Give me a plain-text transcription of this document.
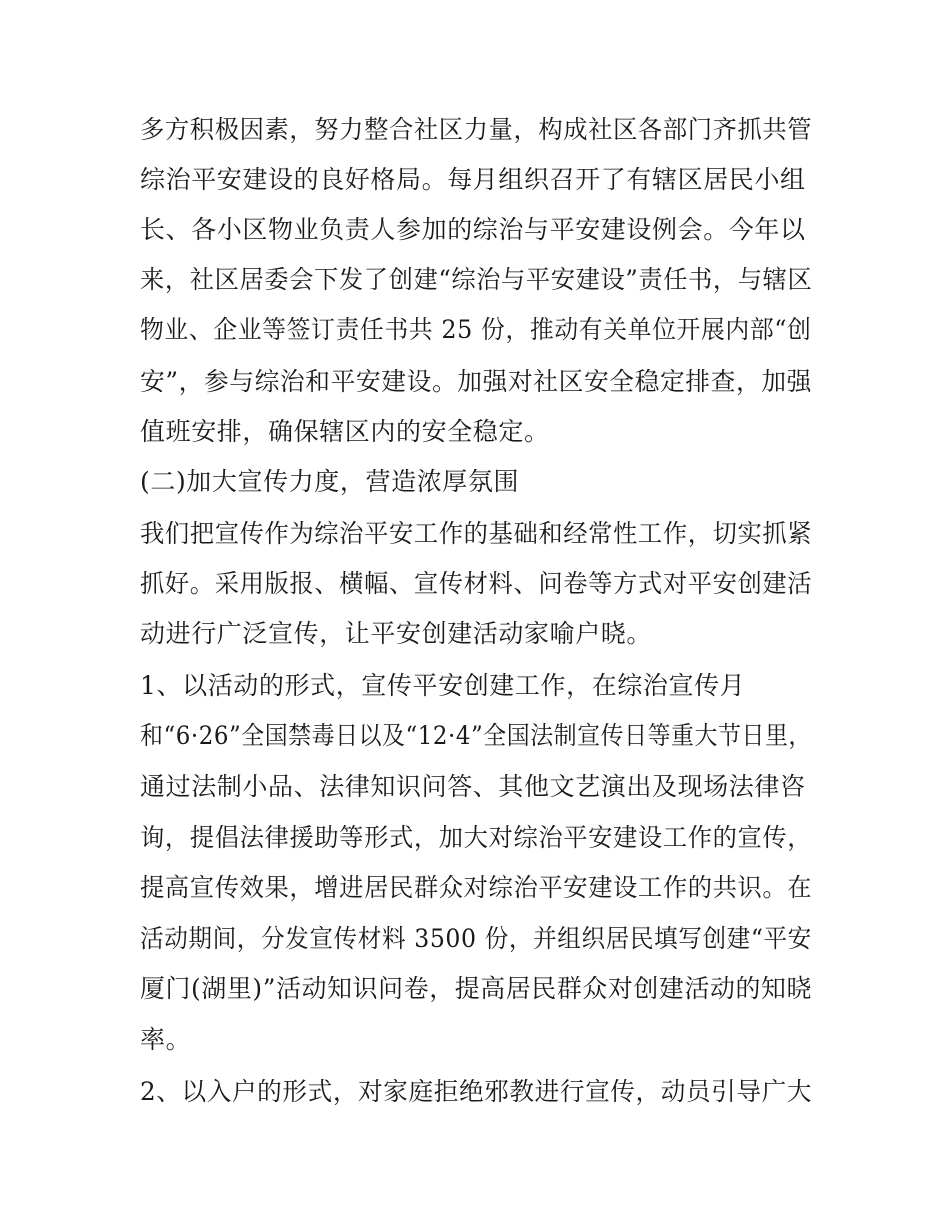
多方积极因素，努力整合社区力量，构成社区各部门齐抓共管
综治平安建设的良好格局。每月组织召开了有辖区居民小组
长、各小区物业负责人参加的综治与平安建设例会。今年以
来，社区居委会下发了创建“综治与平安建设”责任书，与辖区
物业、企业等签订责任书共 25 份，推动有关单位开展内部“创
安”，参与综治和平安建设。加强对社区安全稳定排查，加强
值班安排，确保辖区内的安全稳定。
(二)加大宣传力度，营造浓厚氛围
我们把宣传作为综治平安工作的基础和经常性工作，切实抓紧
抓好。采用版报、横幅、宣传材料、问卷等方式对平安创建活
动进行广泛宣传，让平安创建活动家喻户晓。
1、以活动的形式，宣传平安创建工作，在综治宣传月
和“6·26”全国禁毒日以及“12·4”全国法制宣传日等重大节日里，
通过法制小品、法律知识问答、其他文艺演出及现场法律咨
询，提倡法律援助等形式，加大对综治平安建设工作的宣传，
提高宣传效果，增进居民群众对综治平安建设工作的共识。在
活动期间，分发宣传材料 3500 份，并组织居民填写创建“平安
厦门(湖里)”活动知识问卷，提高居民群众对创建活动的知晓
率。
2、以入户的形式，对家庭拒绝邪教进行宣传，动员引导广大
